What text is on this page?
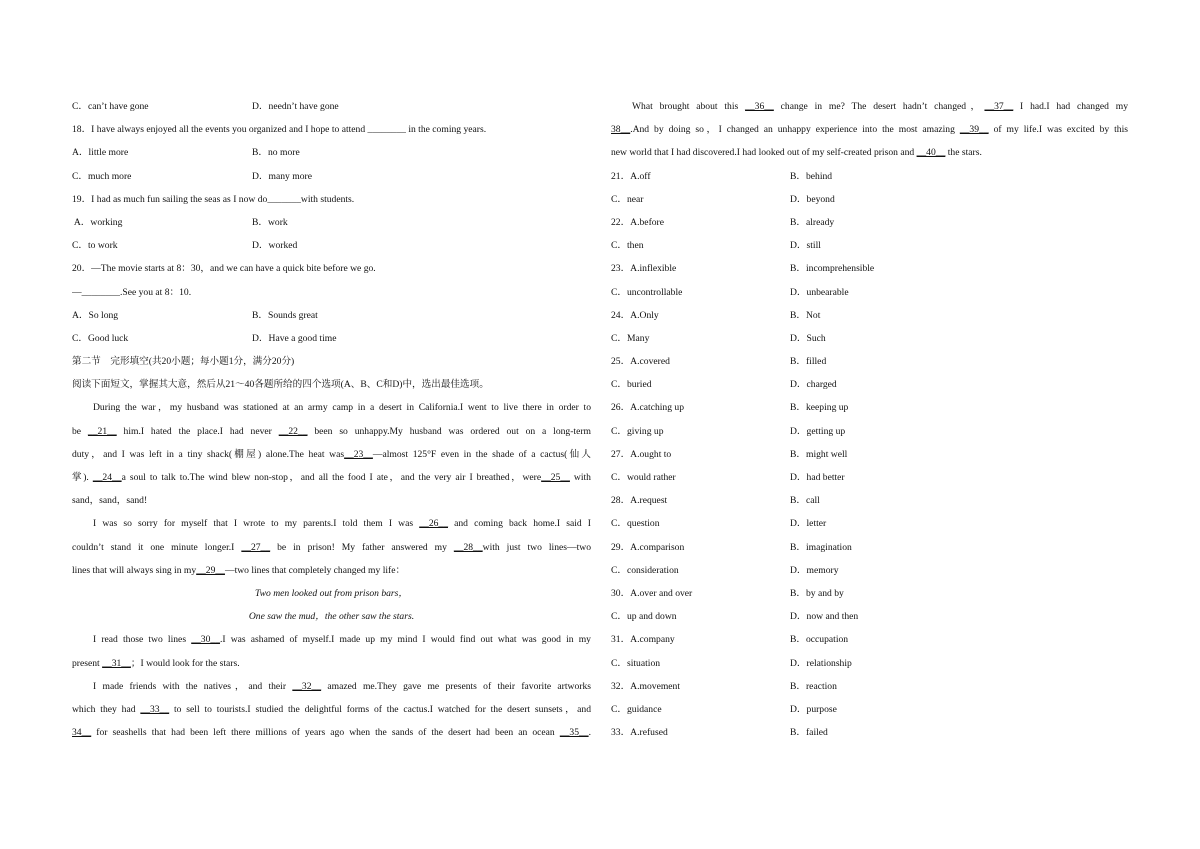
C．can’t have gone	D．needn’t have gone
18．I have always enjoyed all the events you organized and I hope to attend ________ in the coming years.
A．little more	B．no more
C．much more	D．many more
19．I had as much fun sailing the seas as I now do_______with students.
A．working	B．work
C．to work	D．worked
20．—The movie starts at 8：30，and we can have a quick bite before we go.
—________.See you at 8：10.
A．So long	B．Sounds great
C．Good luck	D．Have a good time
第二节　完形填空(共20小题；每小题1分，满分20分)
阅读下面短文，掌握其大意，然后从21～40各题所给的四个选项(A、B、C和D)中，选出最佳选项。
During the war，my husband was stationed at an army camp in a desert in California.I went to live there in order to
be __21__ him.I hated the place.I had never __22__ been so unhappy.My husband was ordered out on a long-term
duty，and I was left in a tiny shack(棚屋) alone.The heat was__23__—almost 125°F even in the shade of a cactus(仙人
掌). __24__a soul to talk to.The wind blew non-stop，and all the food I ate，and the very air I breathed，were__25__ with
sand，sand，sand!
I was so sorry for myself that I wrote to my parents.I told them I was __26__ and coming back home.I said I
couldn’t stand it one minute longer.I __27__ be in prison! My father answered my __28__with just two lines—two
lines that will always sing in my__29__—two lines that completely changed my life：
Two men looked out from prison bars，
One saw the mud，the other saw the stars.
I read those two lines __30__.I was ashamed of myself.I made up my mind I would find out what was good in my
present __31__；I would look for the stars.
I made friends with the natives，and their __32__ amazed me.They gave me presents of their favorite artworks
which they had __33__ to sell to tourists.I studied the delightful forms of the cactus.I watched for the desert sunsets，and
34__ for seashells that had been left there millions of years ago when the sands of the desert had been an ocean __35__.
What brought about this __36__ change in me? The desert hadn’t changed，__37__ I had.I had changed my
38__.And by doing so，I changed an unhappy experience into the most amazing __39__ of my life.I was excited by this
new world that I had discovered.I had looked out of my self-created prison and __40__ the stars.
21．A.off	B．behind
C．near	D．beyond
22．A.before	B．already
C．then	D．still
23．A.inflexible	B．incomprehensible
C．uncontrollable	D．unbearable
24．A.Only	B．Not
C．Many	D．Such
25．A.covered	B．filled
C．buried	D．charged
26．A.catching up	B．keeping up
C．giving up	D．getting up
27．A.ought to	B．might well
C．would rather	D．had better
28．A.request	B．call
C．question	D．letter
29．A.comparison	B．imagination
C．consideration	D．memory
30．A.over and over	B．by and by
C．up and down	D．now and then
31．A.company	B．occupation
C．situation	D．relationship
32．A.movement	B．reaction
C．guidance	D．purpose
33．A.refused	B．failed
